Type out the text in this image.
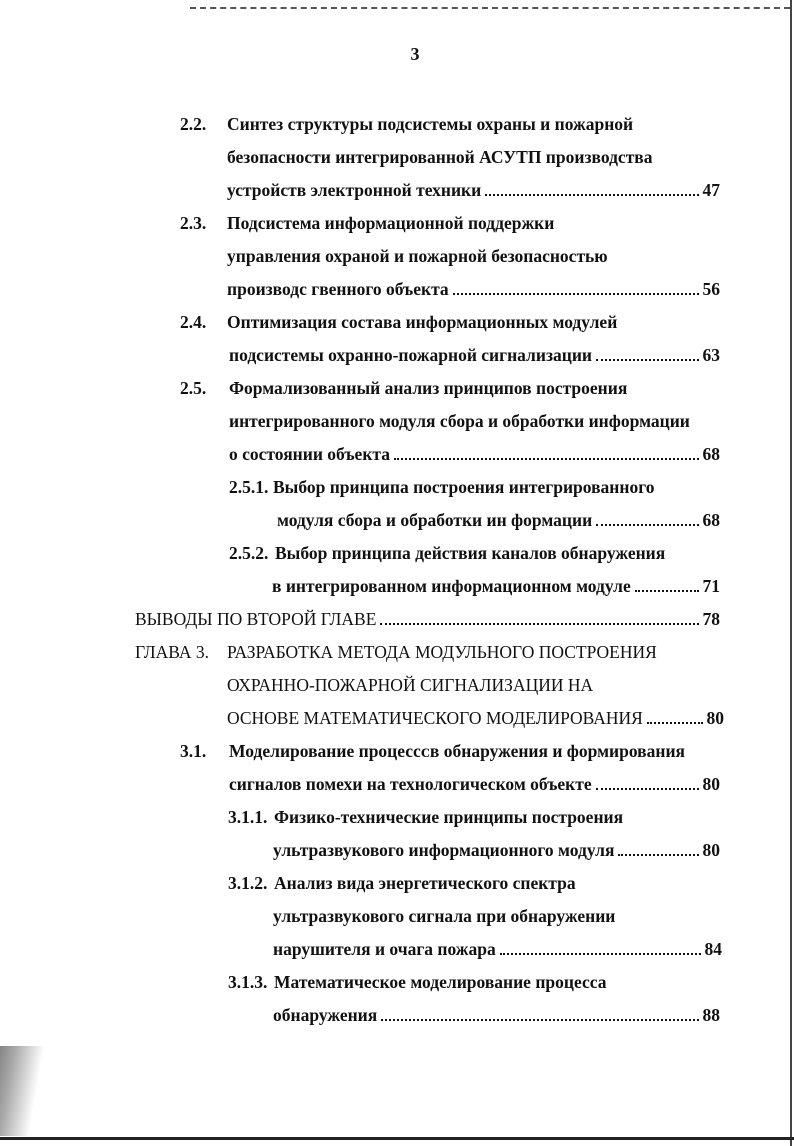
3
2.2. Синтез структуры подсистемы охраны и пожарной
безопасности интегрированной АСУТП производства
устройств электронной техники	47
2.3. Подсистема информационной поддержки
управления охраной и пожарной безопасностью
производс гвенного объекта	56
2.4. Оптимизация состава информационных модулей
подсистемы охранно-пожарной сигнализации	63
2.5. Формализованный анализ принципов построения
интегрированного модуля сбора и обработки информации
о состоянии объекта	68
2.5.1. Выбор принципа построения интегрированного
модуля сбора и обработки ин формации	68
2.5.2. Выбор принципа действия каналов обнаружения
в интегрированном информационном модуле	71
ВЫВОДЫ ПО ВТОРОЙ ГЛАВЕ	78
ГЛАВА 3. РАЗРАБОТКА МЕТОДА МОДУЛЬНОГО ПОСТРОЕНИЯ
ОХРАННО-ПОЖАРНОЙ СИГНАЛИЗАЦИИ НА
ОСНОВЕ МАТЕМАТИЧЕСКОГО МОДЕЛИРОВАНИЯ	80
3.1. Моделирование процессᴄв обнаружения и формирования
сигналов помехи на технологическом объекте	80
3.1.1. Физико-технические принципы построения
ультразвукового информационного модуля	80
3.1.2. Анализ вида энергетического спектра
ультразвукового сигнала при обнаружении
нарушителя и очага пожара	84
3.1.3. Математическое моделирование процесса
обнаружения	88
